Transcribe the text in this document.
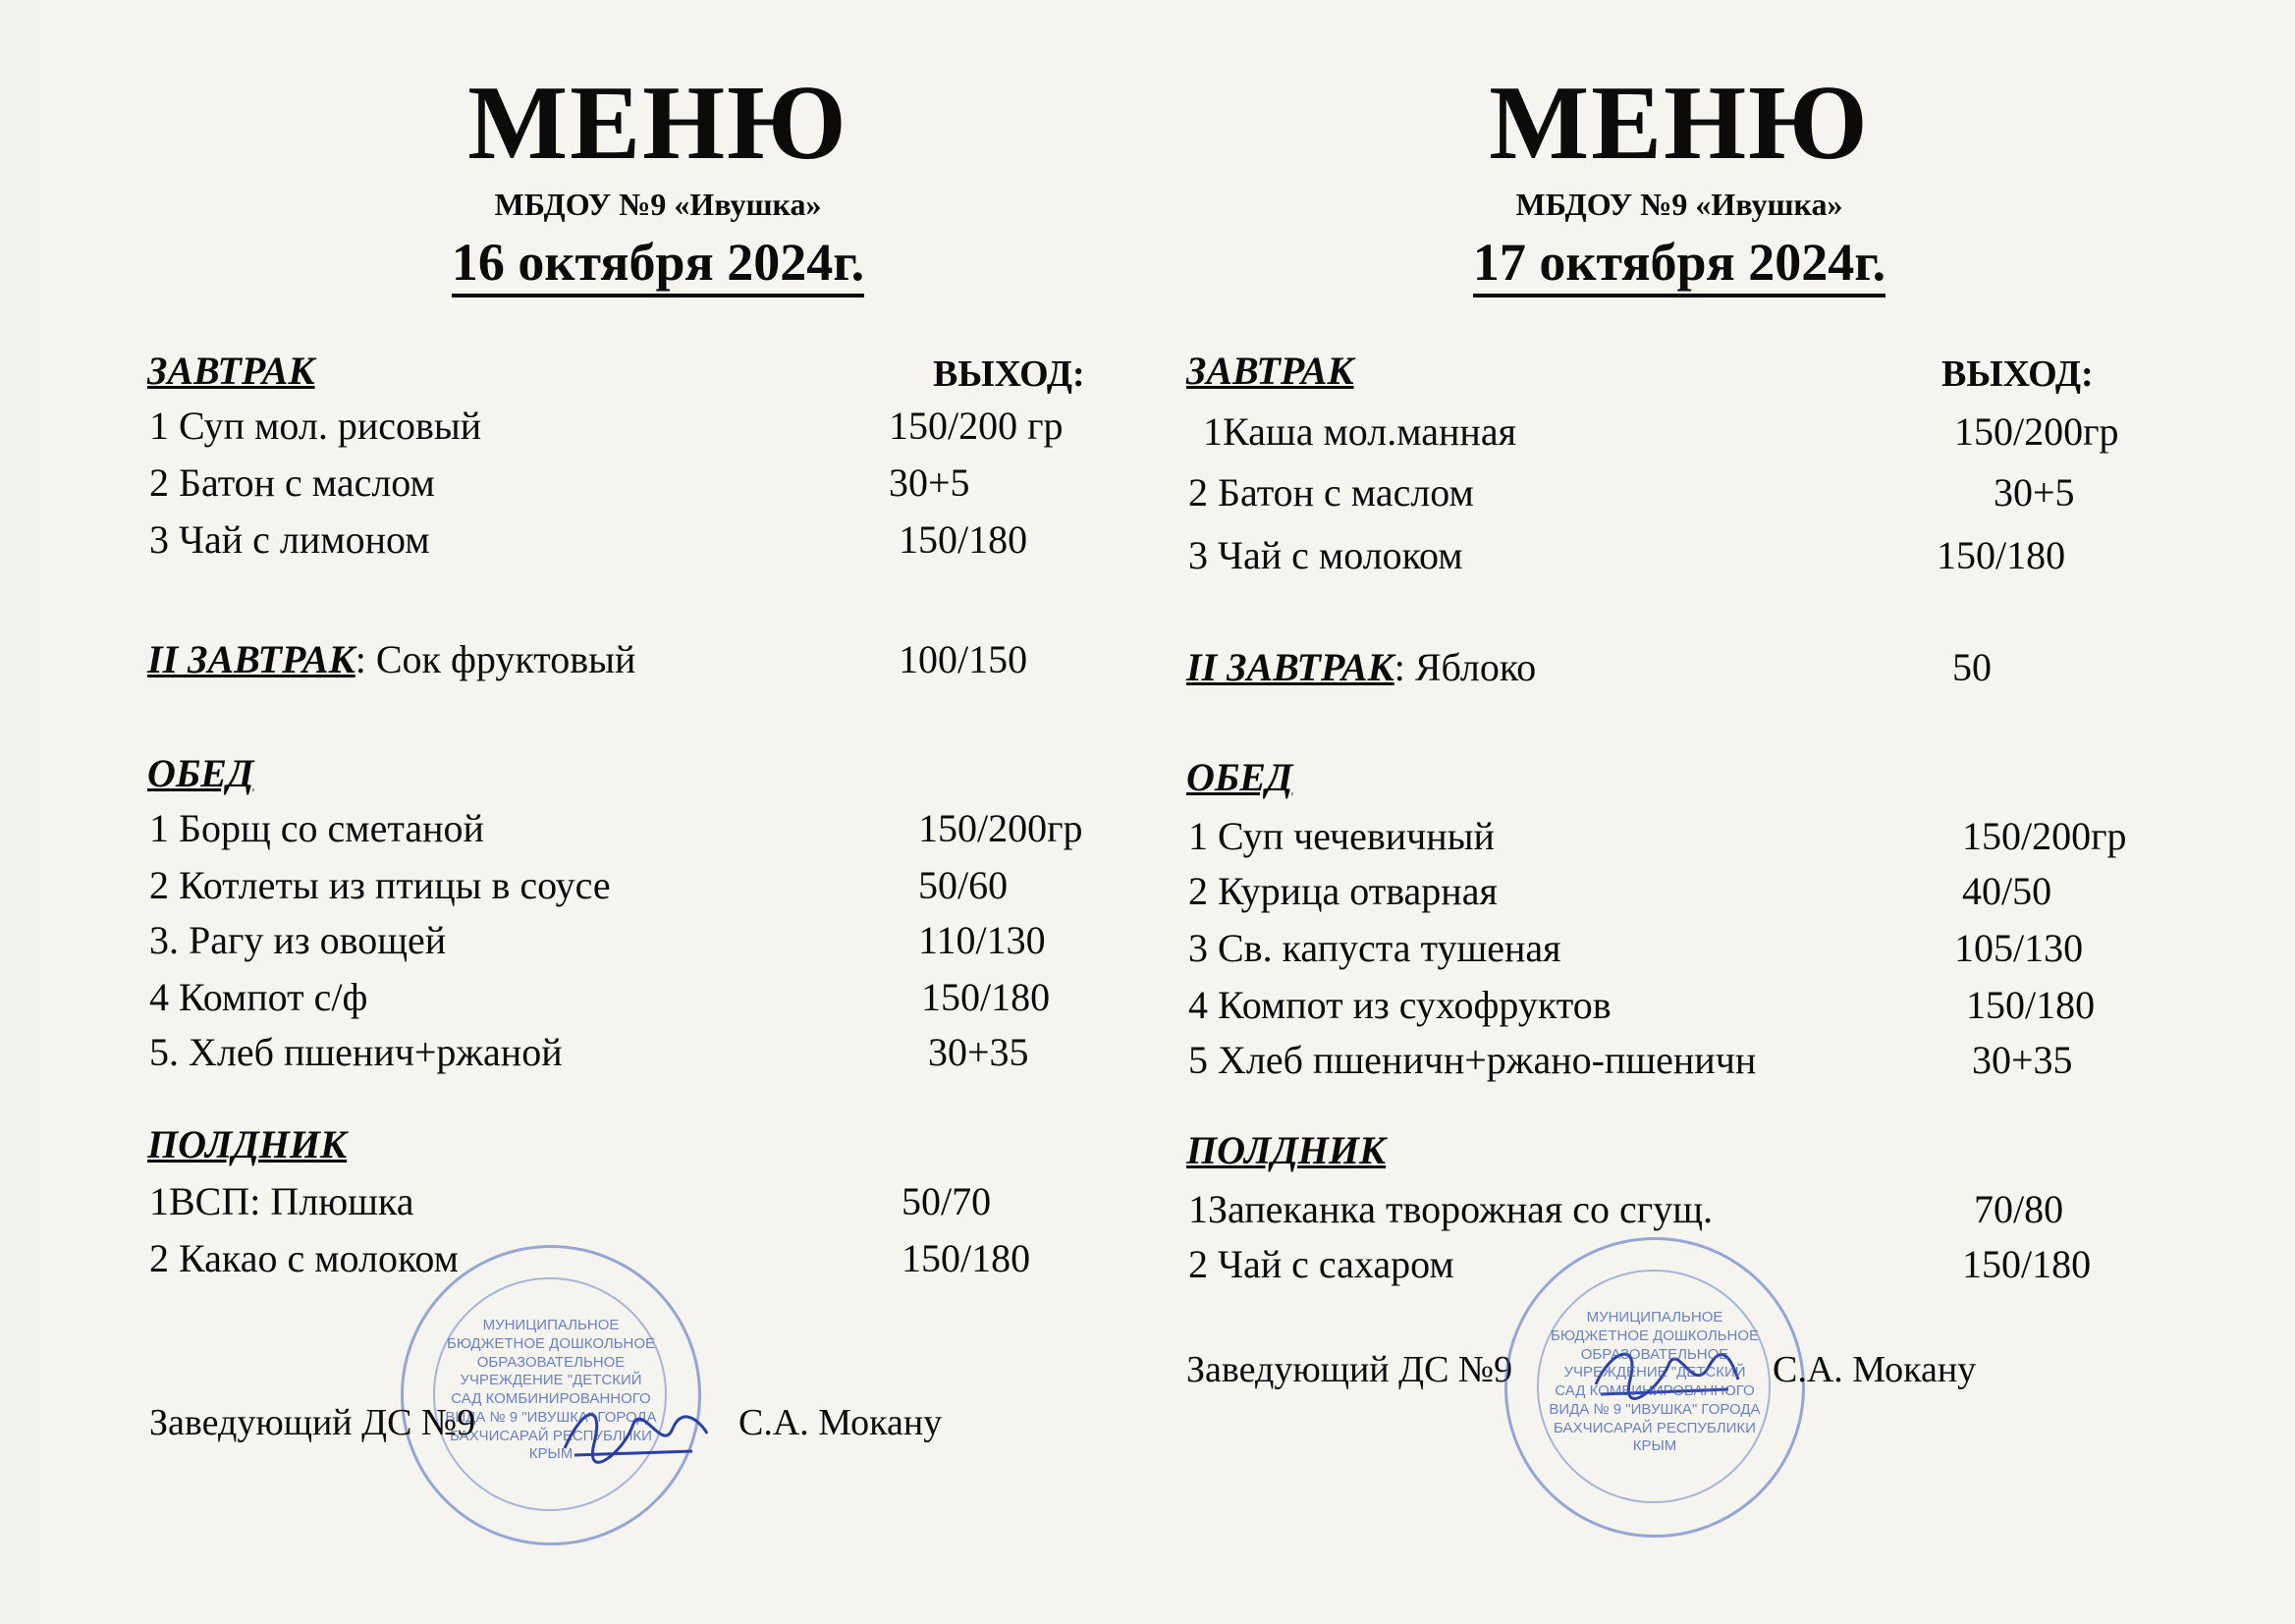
МЕНЮ
МБДОУ №9 «Ивушка»
16 октября 2024г.
ЗАВТРАК	ВЫХОД:
1 Суп мол. рисовый	150/200 гр
2 Батон с маслом	30+5
3 Чай с лимоном	150/180
II ЗАВТРАК: Сок фруктовый	100/150
ОБЕД
1 Борщ со сметаной	150/200гр
2 Котлеты из птицы в соусе	50/60
3. Рагу из овощей	110/130
4 Компот с/ф	150/180
5. Хлеб пшенич+ржаной	30+35
ПОЛДНИК
1ВСП: Плюшка	50/70
2 Какао с молоком	150/180
МУНИЦИПАЛЬНОЕ БЮДЖЕТНОЕ ДОШКОЛЬНОЕ ОБРАЗОВАТЕЛЬНОЕ УЧРЕЖДЕНИЕ "ДЕТСКИЙ САД КОМБИНИРОВАННОГО ВИДА № 9 "ИВУШКА" ГОРОДА БАХЧИСАРАЙ РЕСПУБЛИКИ КРЫМ
Заведующий ДС №9	С.А. Мокану
МЕНЮ
МБДОУ №9 «Ивушка»
17 октября 2024г.
ЗАВТРАК	ВЫХОД:
1Каша мол.манная	150/200гр
2 Батон с маслом	30+5
3 Чай с молоком	150/180
II ЗАВТРАК: Яблоко	50
ОБЕД
1 Суп чечевичный	150/200гр
2 Курица отварная	40/50
3 Св. капуста тушеная	105/130
4 Компот из сухофруктов	150/180
5 Хлеб пшеничн+ржано-пшеничн	30+35
ПОЛДНИК
1Запеканка творожная со сгущ.	70/80
2 Чай с сахаром	150/180
Заведующий ДС №9
МУНИЦИПАЛЬНОЕ БЮДЖЕТНОЕ ДОШКОЛЬНОЕ ОБРАЗОВАТЕЛЬНОЕ УЧРЕЖДЕНИЕ "ДЕТСКИЙ САД КОМБИНИРОВАННОГО ВИДА № 9 "ИВУШКА" ГОРОДА БАХЧИСАРАЙ РЕСПУБЛИКИ КРЫМ
С.А. Мокану
